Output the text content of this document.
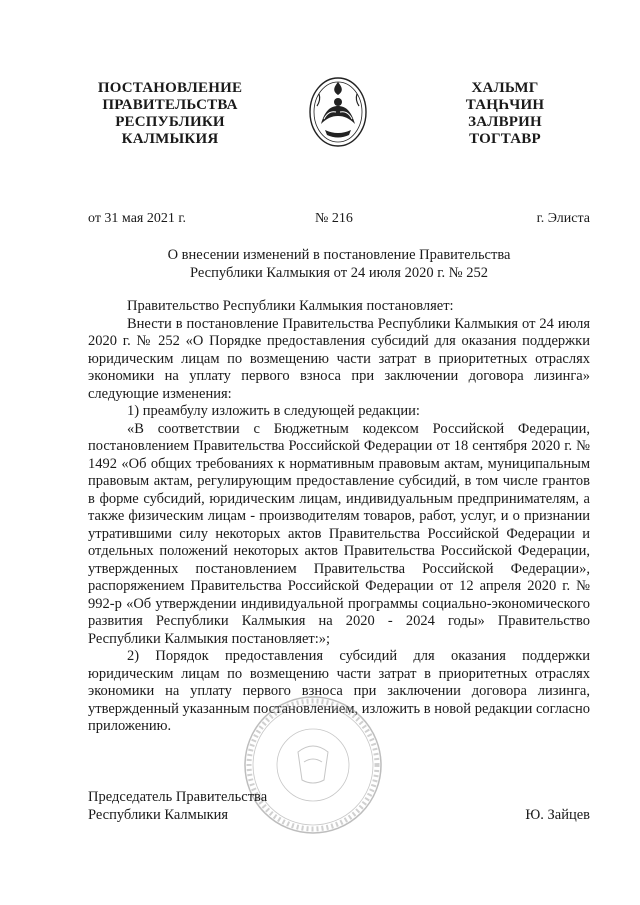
ПОСТАНОВЛЕНИЕ
ПРАВИТЕЛЬСТВА
РЕСПУБЛИКИ
КАЛМЫКИЯ
ХАЛЬМГ
ТАҢҺЧИН
ЗАЛВРИН
ТОГТАВР
от 31 мая 2021 г.	№ 216	г. Элиста
О внесении изменений в постановление Правительства
Республики Калмыкия от 24 июля 2020 г. № 252

Правительство Республики Калмыкия постановляет:

Внести в постановление Правительства Республики Калмыкия от 24 июля 2020 г. № 252 «О Порядке предоставления субсидий для оказания поддержки юридическим лицам по возмещению части затрат в приоритетных отраслях экономики на уплату первого взноса при заключении договора лизинга» следующие изменения:

1) преамбулу изложить в следующей редакции:

«В соответствии с Бюджетным кодексом Российской Федерации, постановлением Правительства Российской Федерации от 18 сентября 2020 г. № 1492 «Об общих требованиях к нормативным правовым актам, муниципальным правовым актам, регулирующим предоставление субсидий, в том числе грантов в форме субсидий, юридическим лицам, индивидуальным предпринимателям, а также физическим лицам - производителям товаров, работ, услуг, и о признании утратившими силу некоторых актов Правительства Российской Федерации и отдельных положений некоторых актов Правительства Российской Федерации, утвержденных постановлением Правительства Российской Федерации», распоряжением Правительства Российской Федерации от 12 апреля 2020 г. № 992-р «Об утверждении индивидуальной программы социально-экономического развития Республики Калмыкия на 2020 - 2024 годы» Правительство Республики Калмыкия постановляет:»;

2) Порядок предоставления субсидий для оказания поддержки юридическим лицам по возмещению части затрат в приоритетных отраслях экономики на уплату первого взноса при заключении договора лизинга, утвержденный указанным постановлением, изложить в новой редакции согласно приложению.

Председатель Правительства
Республики Калмыкия	Ю. Зайцев
